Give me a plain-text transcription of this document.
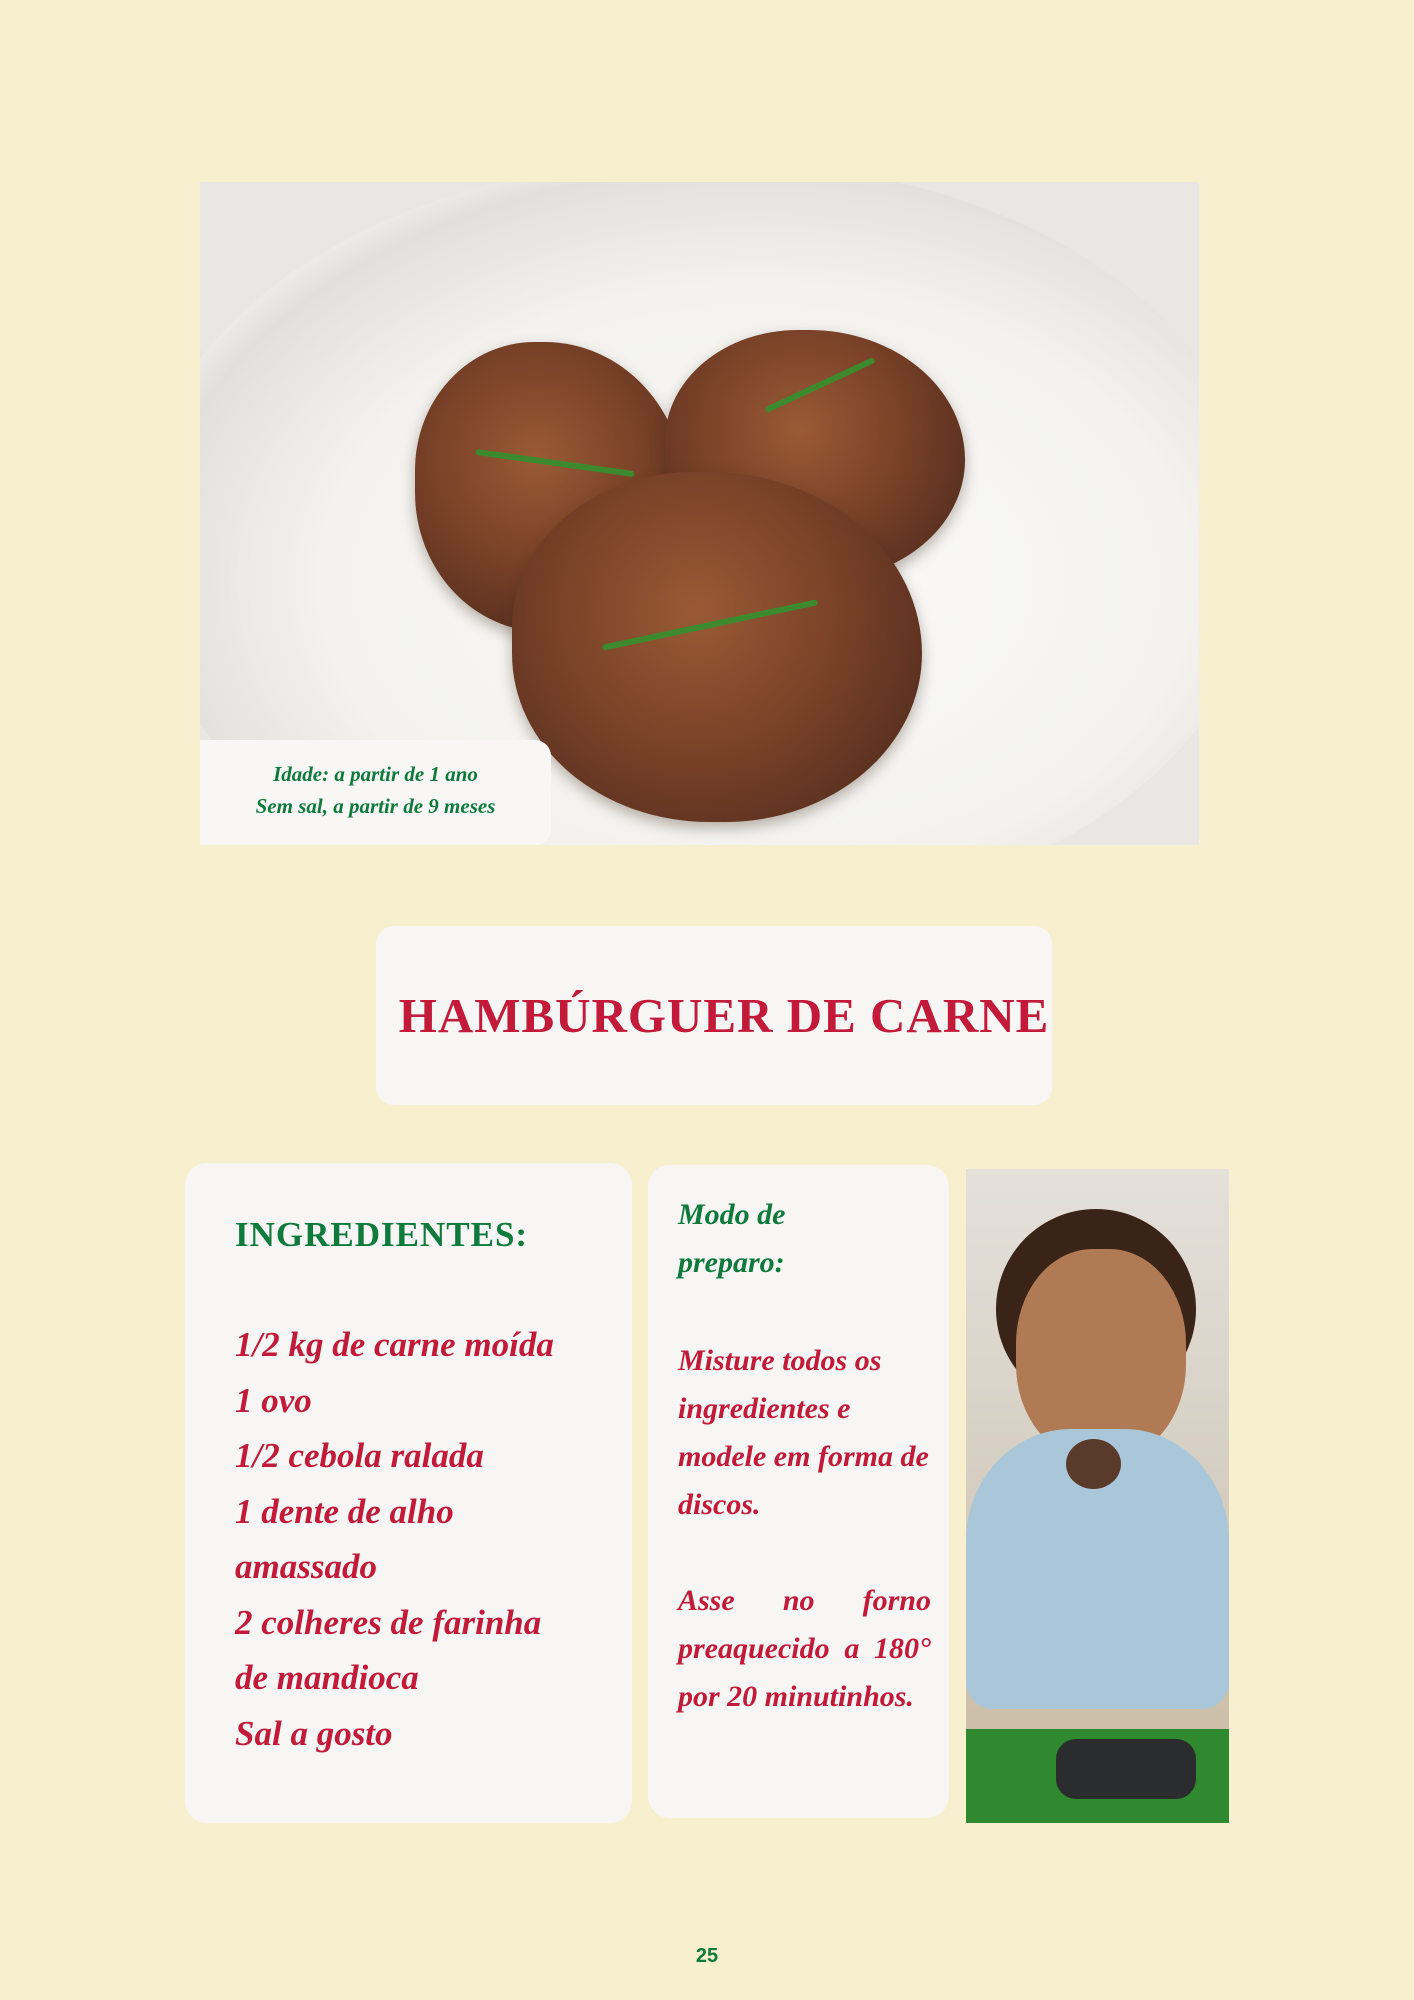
Idade: a partir de 1 ano
Sem sal, a partir de 9 meses
HAMBÚRGUER DE CARNE
INGREDIENTES:
1/2 kg de carne moída
1 ovo
1/2 cebola ralada
1 dente de alho
amassado
2 colheres de farinha
de mandioca
Sal a gosto
Modo de preparo:

Misture todos os ingredientes e modele em forma de discos.

Asse no forno preaquecido a 180° por 20 minutinhos.

25
